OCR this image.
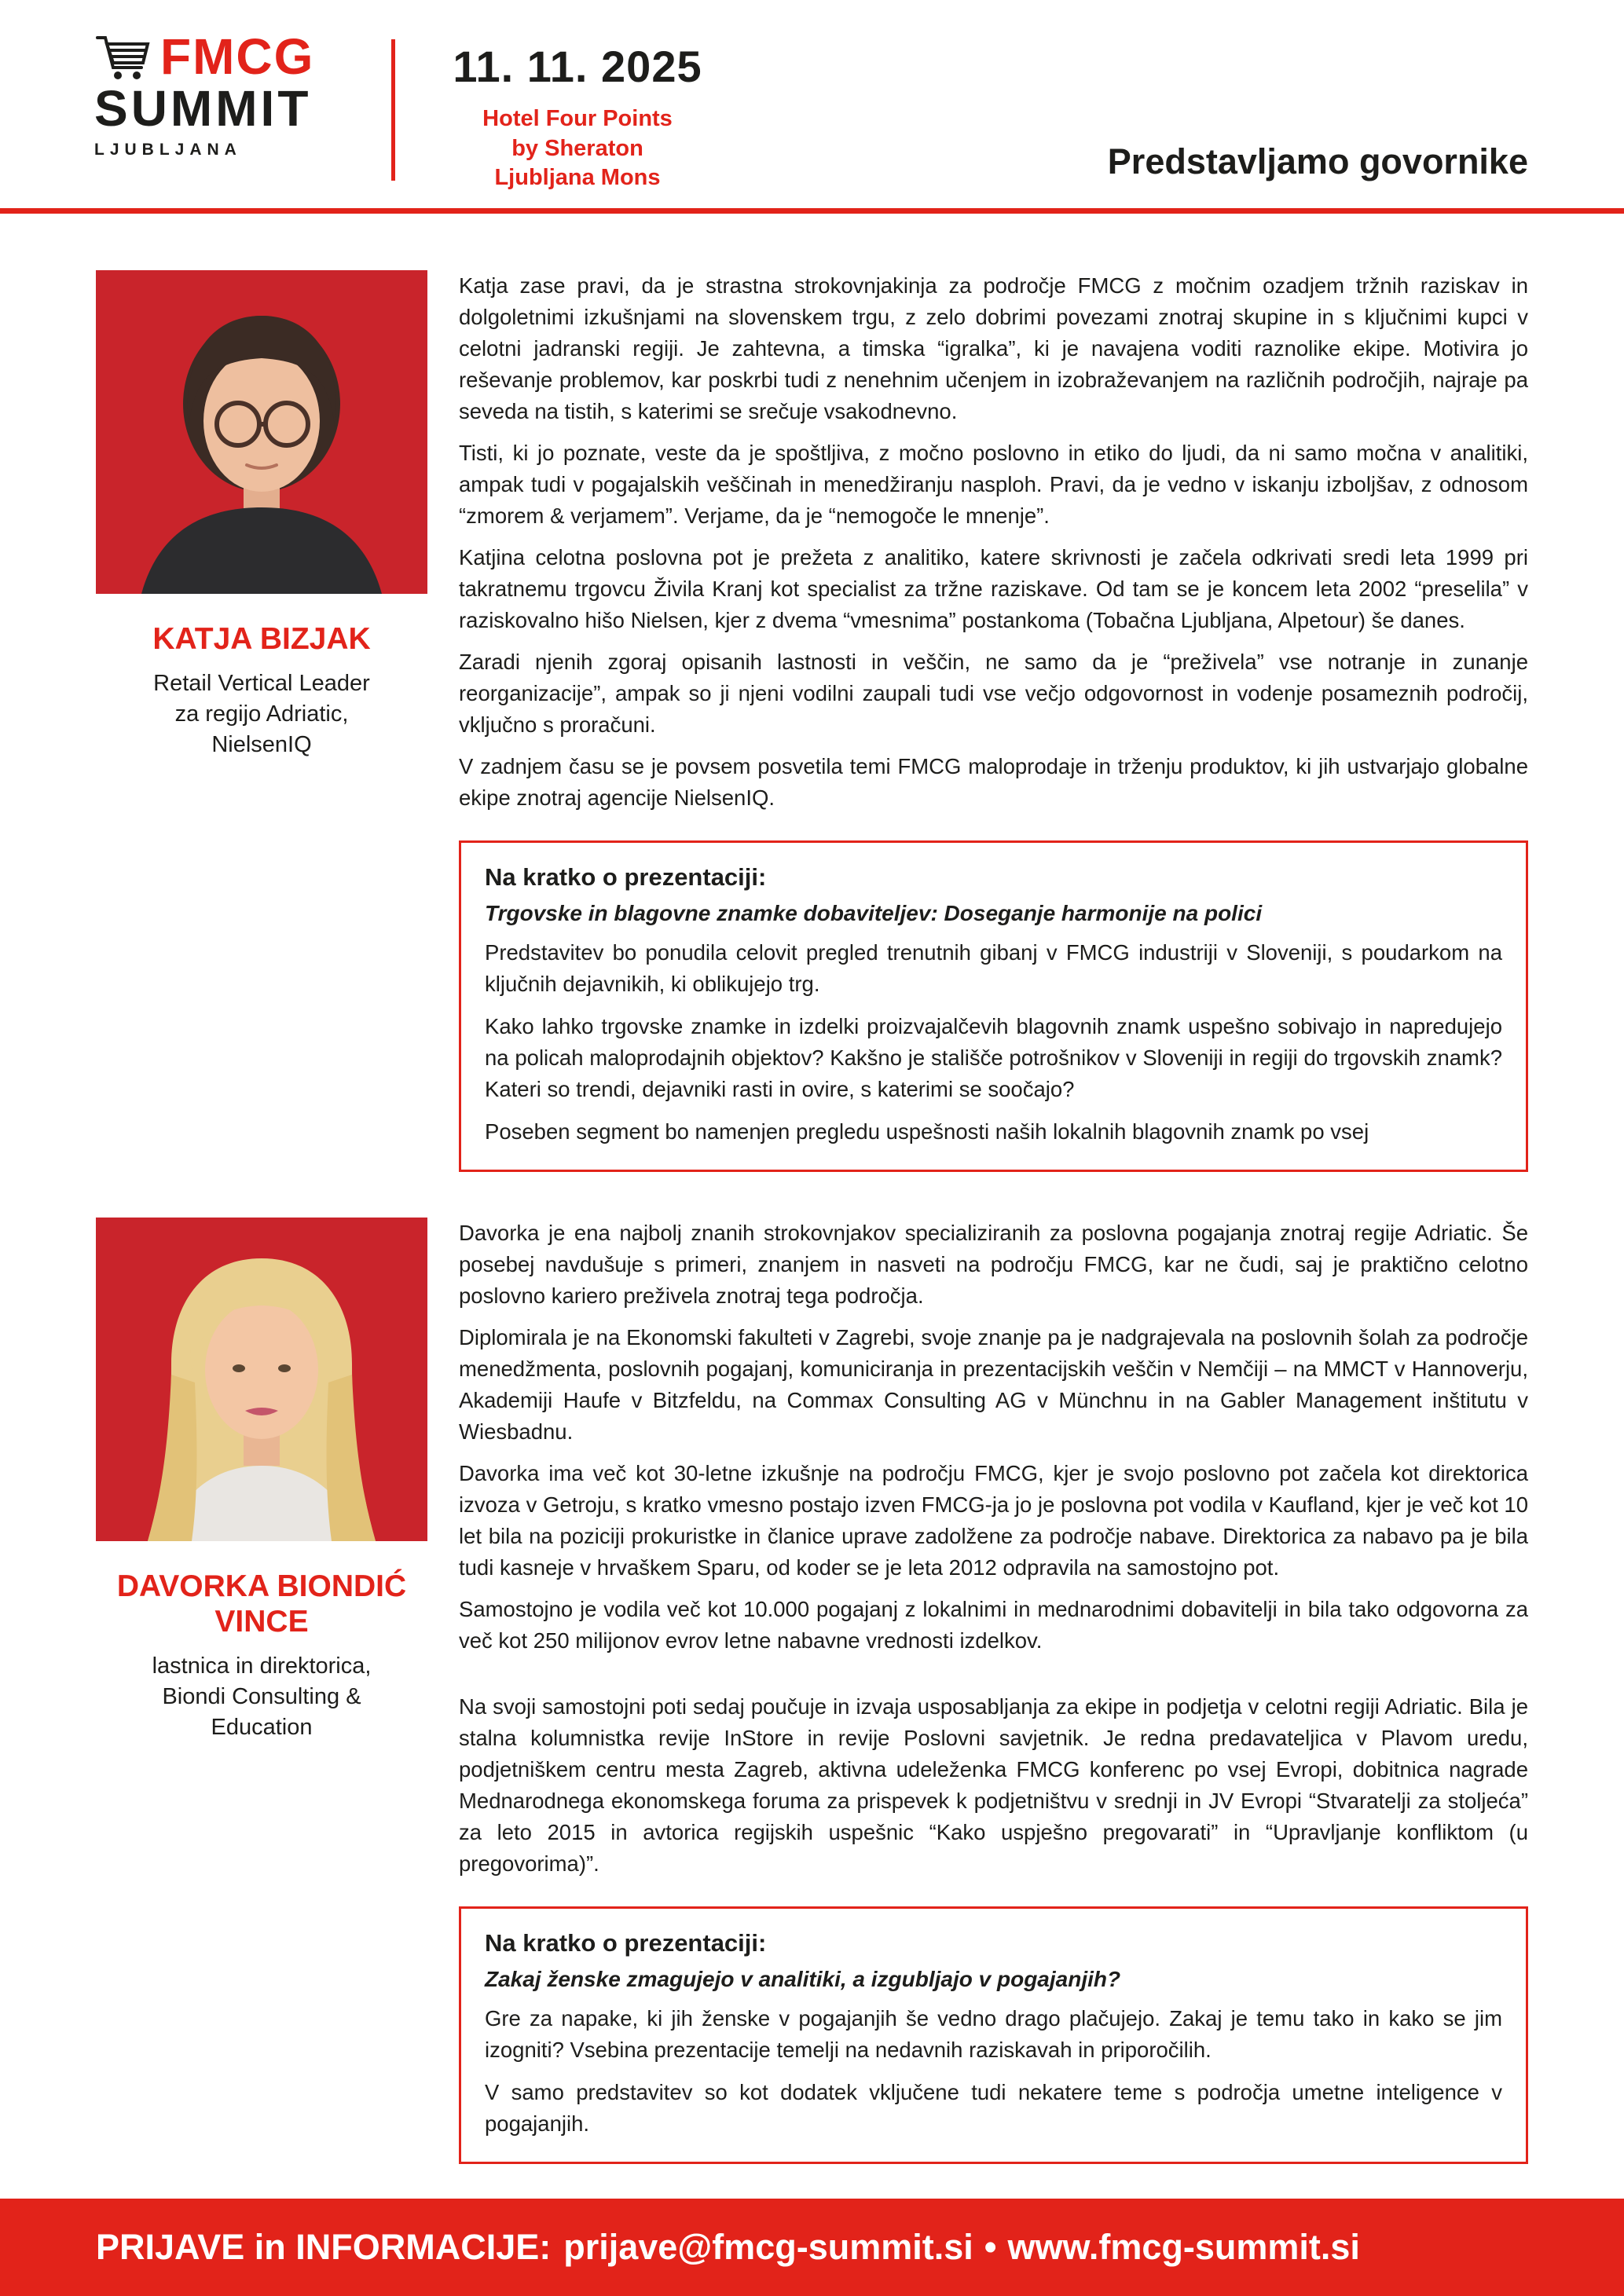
FMCG
SUMMIT
LJUBLJANA
11. 11. 2025
Hotel Four Points
by Sheraton
Ljubljana Mons	Predstavljamo govornike
KATJA BIZJAK
Retail Vertical Leader
za regijo Adriatic,
NielsenIQ

Katja zase pravi, da je strastna strokovnjakinja za področje FMCG z močnim ozadjem tržnih raziskav in dolgoletnimi izkušnjami na slovenskem trgu, z zelo dobrimi povezami znotraj skupine in s ključnimi kupci v celotni jadranski regiji. Je zahtevna, a timska “igralka”, ki je navajena voditi raznolike ekipe. Motivira jo reševanje problemov, kar poskrbi tudi z nenehnim učenjem in izobraževanjem na različnih področjih, najraje pa seveda na tistih, s katerimi se srečuje vsakodnevno.

Tisti, ki jo poznate, veste da je spoštljiva, z močno poslovno in etiko do ljudi, da ni samo močna v analitiki, ampak tudi v pogajalskih veščinah in menedžiranju nasploh. Pravi, da je vedno v iskanju izboljšav, z odnosom “zmorem & verjamem”. Verjame, da je “nemogoče le mnenje”.

Katjina celotna poslovna pot je prežeta z analitiko, katere skrivnosti je začela odkrivati sredi leta 1999 pri takratnemu trgovcu Živila Kranj kot specialist za tržne raziskave. Od tam se je koncem leta 2002 “preselila” v raziskovalno hišo Nielsen, kjer z dvema “vmesnima” postankoma (Tobačna Ljubljana, Alpetour) še danes.

Zaradi njenih zgoraj opisanih lastnosti in veščin, ne samo da je “preživela” vse notranje in zunanje reorganizacije”, ampak so ji njeni vodilni zaupali tudi vse večjo odgovornost in vodenje posameznih področij, vključno s proračuni.

V zadnjem času se je povsem posvetila temi FMCG maloprodaje in trženju produktov, ki jih ustvarjajo globalne ekipe znotraj agencije NielsenIQ.

Na kratko o prezentaciji:

Trgovske in blagovne znamke dobaviteljev: Doseganje harmonije na polici

Predstavitev bo ponudila celovit pregled trenutnih gibanj v FMCG industriji v Sloveniji, s poudarkom na ključnih dejavnikih, ki oblikujejo trg.

Kako lahko trgovske znamke in izdelki proizvajalčevih blagovnih znamk uspešno sobivajo in napredujejo na policah maloprodajnih objektov? Kakšno je stališče potrošnikov v Sloveniji in regiji do trgovskih znamk? Kateri so trendi, dejavniki rasti in ovire, s katerimi se soočajo?

Poseben segment bo namenjen pregledu uspešnosti naših lokalnih blagovnih znamk po vsej

DAVORKA BIONDIĆ VINCE
lastnica in direktorica,
Biondi Consulting &
Education

Davorka je ena najbolj znanih strokovnjakov specializiranih za poslovna pogajanja znotraj regije Adriatic. Še posebej navdušuje s primeri, znanjem in nasveti na področju FMCG, kar ne čudi, saj je praktično celotno poslovno kariero preživela znotraj tega področja.

Diplomirala je na Ekonomski fakulteti v Zagrebi, svoje znanje pa je nadgrajevala na poslovnih šolah za področje menedžmenta, poslovnih pogajanj, komuniciranja in prezentacijskih veščin v Nemčiji – na MMCT v Hannoverju, Akademiji Haufe v Bitzfeldu, na Commax Consulting AG v Münchnu in na Gabler Management inštitutu v Wiesbadnu.

Davorka ima več kot 30-letne izkušnje na področju FMCG, kjer je svojo poslovno pot začela kot direktorica izvoza v Getroju, s kratko vmesno postajo izven FMCG-ja jo je poslovna pot vodila v Kaufland, kjer je več kot 10 let bila na poziciji prokuristke in članice uprave zadolžene za področje nabave. Direktorica za nabavo pa je bila tudi kasneje v hrvaškem Sparu, od koder se je leta 2012 odpravila na samostojno pot.

Samostojno je vodila več kot 10.000 pogajanj z lokalnimi in mednarodnimi dobavitelji in bila tako odgovorna za več kot 250 milijonov evrov letne nabavne vrednosti izdelkov.

Na svoji samostojni poti sedaj poučuje in izvaja usposabljanja za ekipe in podjetja v celotni regiji Adriatic. Bila je stalna kolumnistka revije InStore in revije Poslovni savjetnik. Je redna predavateljica v Plavom uredu, podjetniškem centru mesta Zagreb, aktivna udeleženka FMCG konferenc po vsej Evropi, dobitnica nagrade Mednarodnega ekonomskega foruma za prispevek k podjetništvu v srednji in JV Evropi “Stvaratelji za stoljeća” za leto 2015 in avtorica regijskih uspešnic “Kako uspješno pregovarati” in “Upravljanje konfliktom (u pregovorima)”.

Na kratko o prezentaciji:

Zakaj ženske zmagujejo v analitiki, a izgubljajo v pogajanjih?

Gre za napake, ki jih ženske v pogajanjih še vedno drago plačujejo. Zakaj je temu tako in kako se jim izogniti? Vsebina prezentacije temelji na nedavnih raziskavah in priporočilih.

V samo predstavitev so kot dodatek vključene tudi nekatere teme s področja umetne inteligence v pogajanjih.

PRIJAVE in INFORMACIJE: prijave@fmcg-summit.si • www.fmcg-summit.si
